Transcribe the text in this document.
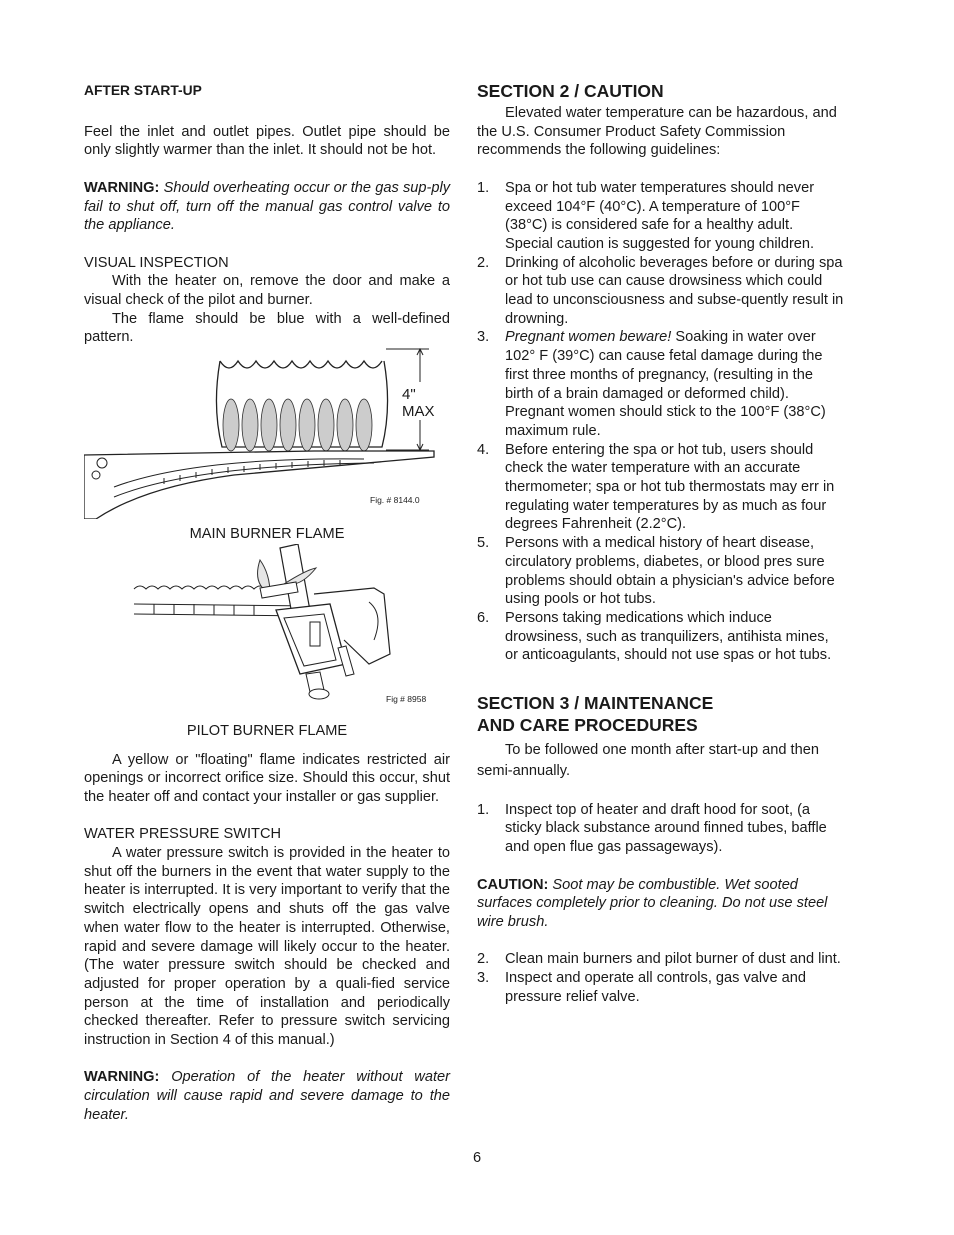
AFTER START-UP

Feel the inlet and outlet pipes. Outlet pipe should be only slightly warmer than the inlet. It should not be hot.

WARNING: Should overheating occur or the gas sup-ply fail to shut off, turn off the manual gas control valve to the appliance.

VISUAL INSPECTION

With the heater on, remove the door and make a visual check of the pilot and burner.

The flame should be blue with a well-defined pattern.

4" MAX
Fig. # 8144.0

MAIN BURNER FLAME

Fig # 8958

PILOT BURNER FLAME

A yellow or "floating" flame indicates restricted air openings or incorrect orifice size. Should this occur, shut the heater off and contact your installer or gas supplier.

WATER PRESSURE SWITCH

A water pressure switch is provided in the heater to shut off the burners in the event that water supply to the heater is interrupted. It is very important to verify that the switch electrically opens and shuts off the gas valve when water flow to the heater is interrupted. Otherwise, rapid and severe damage will likely occur to the heater. (The water pressure switch should be checked and adjusted for proper operation by a quali-fied service person at the time of installation and periodically checked thereafter. Refer to pressure switch servicing instruction in Section 4 of this manual.)

WARNING: Operation of the heater without water circulation will cause rapid and severe damage to the heater.

SECTION 2 / CAUTION

Elevated water temperature can be hazardous, and the U.S. Consumer Product Safety Commission recommends the following guidelines:

1. Spa or hot tub water temperatures should never exceed 104°F (40°C). A temperature of 100°F (38°C) is considered safe for a healthy adult. Special caution is suggested for young children.
2. Drinking of alcoholic beverages before or during spa or hot tub use can cause drowsiness which could lead to unconsciousness and subse-quently result in drowning.
3. Pregnant women beware! Soaking in water over 102° F (39°C) can cause fetal damage during the first three months of pregnancy, (resulting in the birth of a brain damaged or deformed child). Pregnant women should stick to the 100°F (38°C) maximum rule.
4. Before entering the spa or hot tub, users should check the water temperature with an accurate thermometer; spa or hot tub thermostats may err in regulating water temperatures by as much as four degrees Fahrenheit (2.2°C).
5. Persons with a medical history of heart disease, circulatory problems, diabetes, or blood pres sure problems should obtain a physician's advice before using pools or hot tubs.
6. Persons taking medications which induce drowsiness, such as tranquilizers, antihista mines, or anticoagulants, should not use spas or hot tubs.

SECTION 3 / MAINTENANCE

AND CARE PROCEDURES

To be followed one month after start-up and then semi-annually.

1. Inspect top of heater and draft hood for soot, (a sticky black substance around finned tubes, baffle and open flue gas passageways).

CAUTION: Soot may be combustible. Wet sooted surfaces completely prior to cleaning. Do not use steel wire brush.

2. Clean main burners and pilot burner of dust and lint.
3. Inspect and operate all controls, gas valve and pressure relief valve.
6
